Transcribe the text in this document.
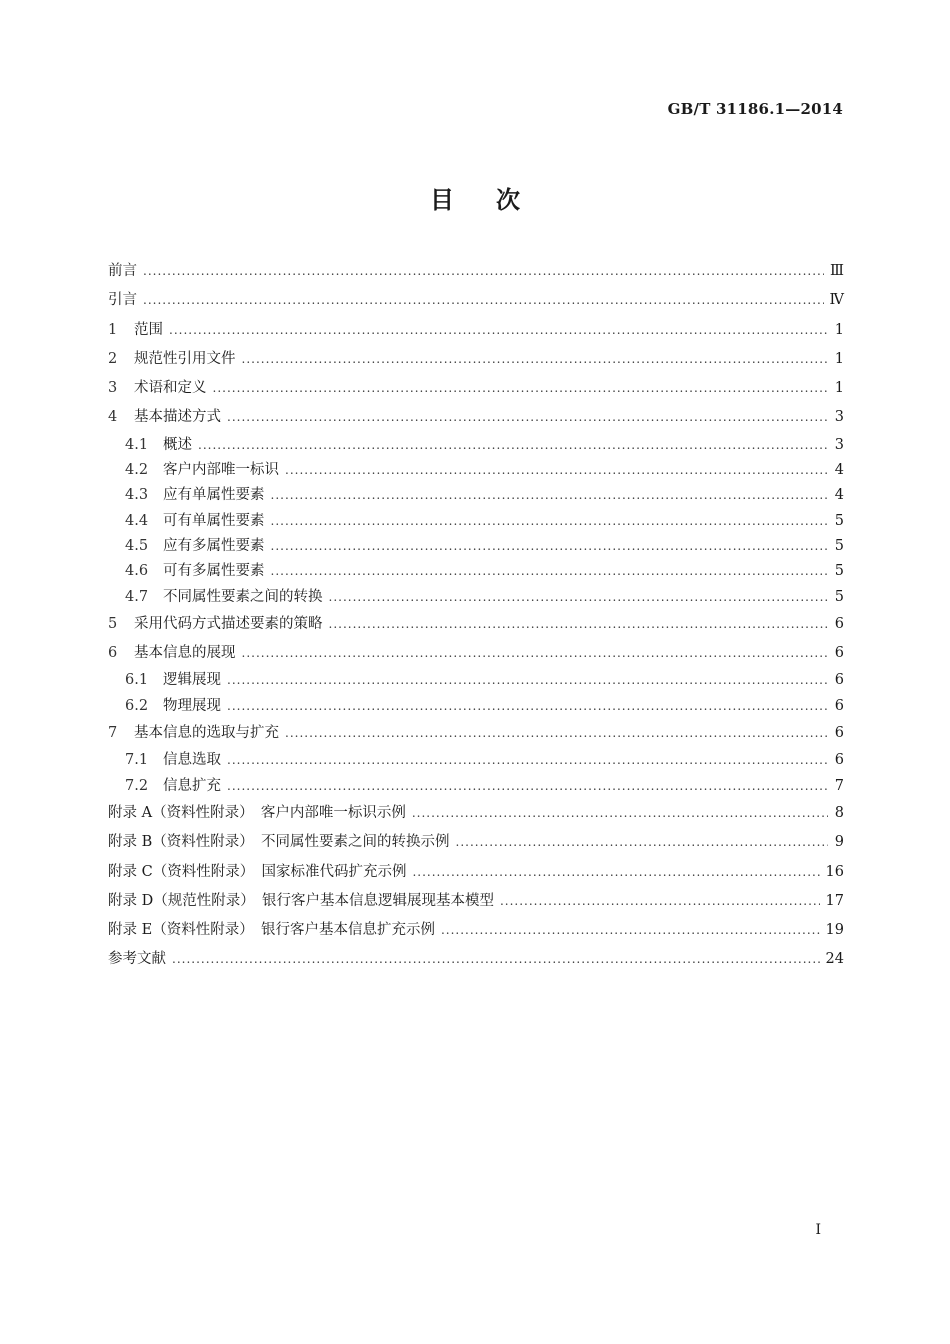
GB/T 31186.1—2014
目次
前言 .....	Ⅲ
引言 .....	Ⅳ
1	范围 .....	1
2	规范性引用文件 .....	1
3	术语和定义 .....	1
4	基本描述方式 .....	3
4.1	概述 .....	3
4.2	客户内部唯一标识 .....	4
4.3	应有单属性要素 .....	4
4.4	可有单属性要素 .....	5
4.5	应有多属性要素 .....	5
4.6	可有多属性要素 .....	5
4.7	不同属性要素之间的转换 .....	5
5	采用代码方式描述要素的策略 .....	6
6	基本信息的展现 .....	6
6.1	逻辑展现 .....	6
6.2	物理展现 .....	6
7	基本信息的选取与扩充 .....	6
7.1	信息选取 .....	6
7.2	信息扩充 .....	7
附录 A（资料性附录）　客户内部唯一标识示例 .....	8
附录 B（资料性附录）　不同属性要素之间的转换示例 .....	9
附录 C（资料性附录）　国家标准代码扩充示例 .....	16
附录 D（规范性附录）　银行客户基本信息逻辑展现基本模型 .....	17
附录 E（资料性附录）　银行客户基本信息扩充示例 .....	19
参考文献 .....	24
I
